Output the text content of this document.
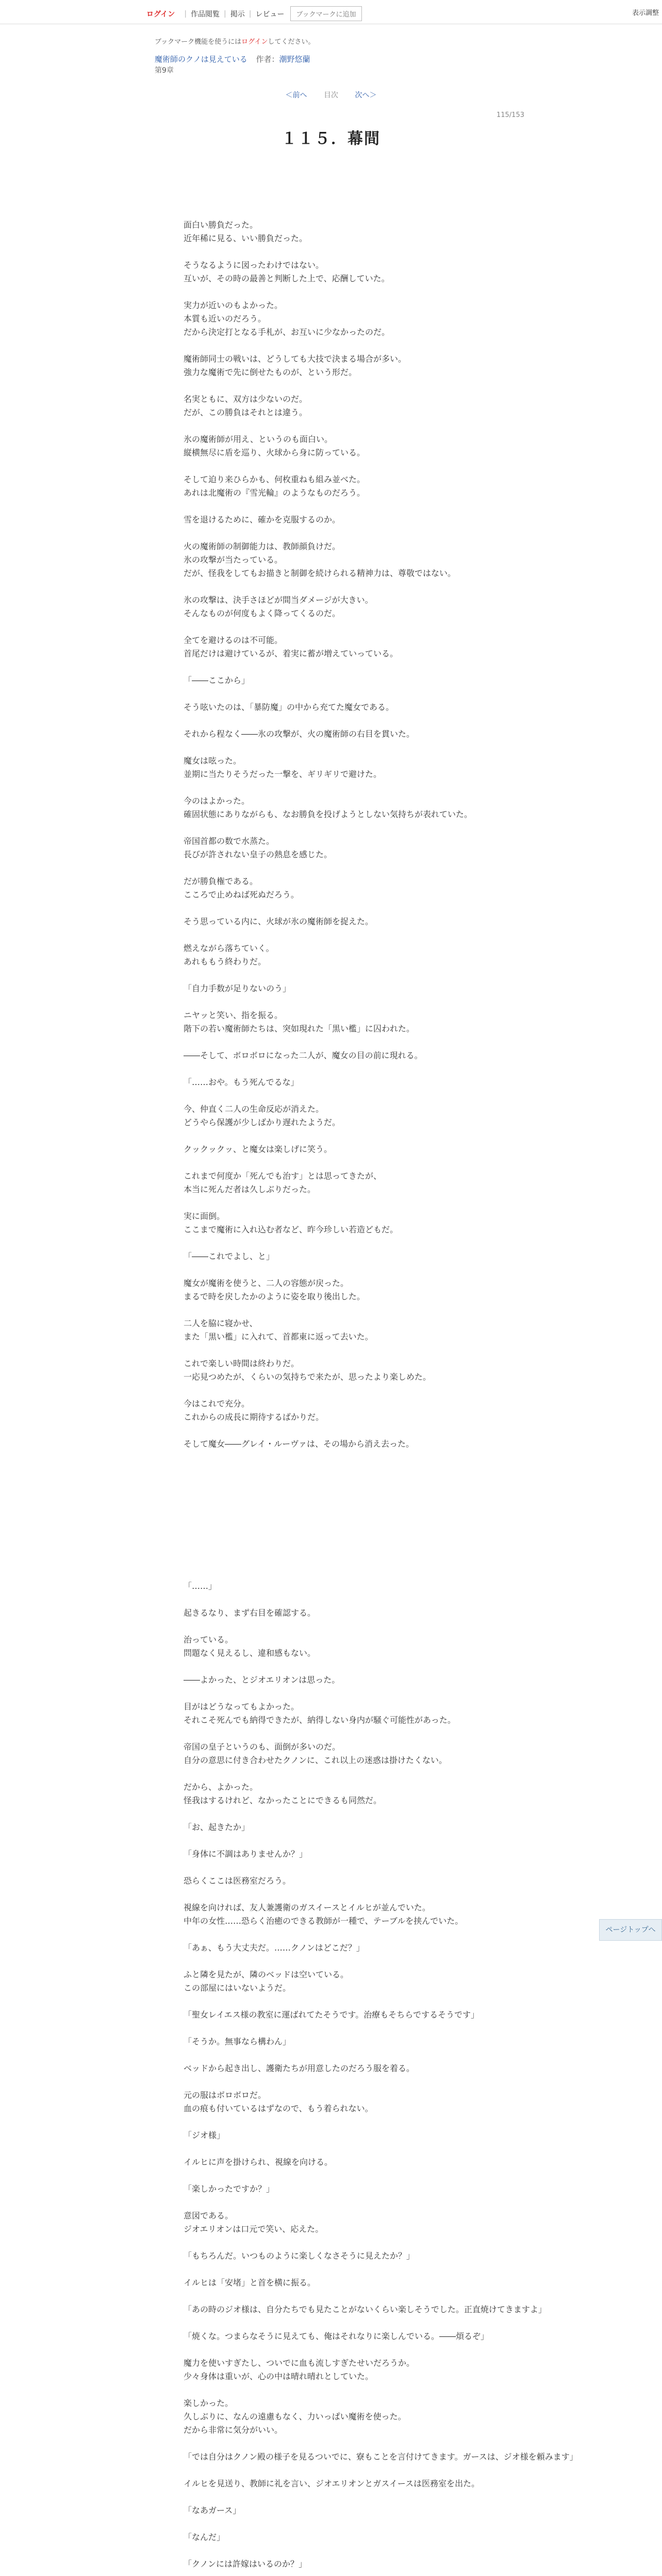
ログイン	| 作品閲覧 | 掲示 | レビュー	ブックマークに追加	表示調整
ブックマーク機能を使うにはログインしてください。
魔術師のクノは見えている 作者：潮野悠蘭
第9章
＜前へ 目次 次へ＞
115/153
１１５．幕間

面白い勝負だった。

近年稀に見る、いい勝負だった。

そうなるように図ったわけではない。

互いが、その時の最善と判断した上で、応酬していた。

実力が近いのもよかった。

本質も近いのだろう。

だから決定打となる手札が、お互いに少なかったのだ。

魔術師同士の戦いは、どうしても大技で決まる場合が多い。

強力な魔術で先に倒せたものが、という形だ。

名実ともに、双方は少ないのだ。

だが、この勝負はそれとは違う。

氷の魔術師が用え、というのも面白い。

縦横無尽に盾を巡り、火球から身に防っている。

そして迫り来ひらかも、何枚重ねも組み並べた。

あれは北魔術の『雪光輪』のようなものだろう。

雪を退けるために、確かを克服するのか。

火の魔術師の制御能力は、教師顔負けだ。

氷の攻撃が当たっている。

だが、怪我をしてもお描きと制御を続けられる精神力は、尊敬ではない。

氷の攻撃は、決手さほどが間当ダメージが大きい。

そんなものが何度もよく降ってくるのだ。

全てを避けるのは不可能。

首尾だけは避けているが、着実に蓄が増えていっている。

「――ここから」

そう呟いたのは、「暴防魔」の中から充てた魔女である。

それから程なく――氷の攻撃が、火の魔術師の右目を貫いた。

魔女は呟った。

並期に当たりそうだった一撃を、ギリギリで避けた。

今のはよかった。

確固状態にありながらも、なお勝負を投げようとしない気持ちが表れていた。

帝国首都の数で水蒸た。

長びが許されない皇子の熱息を感じた。

だが勝負権である。

こころで止めねば死ぬだろう。

そう思っている内に、火球が氷の魔術師を捉えた。

燃えながら落ちていく。

あれももう終わりだ。

「自力手数が足りないのう」

ニヤッと笑い、指を振る。

階下の若い魔術師たちは、突如現れた「黒い檻」に囚われた。

――そして、ボロボロになった二人が、魔女の目の前に現れる。

「……おや。もう死んでるな」

今、仲直く二人の生命反応が消えた。

どうやら保護が少しばかり遅れたようだ。

クックックッ、と魔女は楽しげに笑う。

これまで何度か「死んでも治す」とは思ってきたが、

本当に死んだ者は久しぶりだった。

実に面倒。

ここまで魔術に入れ込む者など、昨今珍しい若造どもだ。

「――これでよし、と」

魔女が魔術を使うと、二人の容態が戻った。

まるで時を戻したかのように姿を取り後出した。

二人を脇に寝かせ、

また「黒い檻」に入れて、首都東に返って去いた。

これで楽しい時間は終わりだ。

一応見つめたが、くらいの気持ちで来たが、思ったより楽しめた。

今はこれで充分。

これからの成長に期待するばかりだ。

そして魔女――グレイ・ルーヴァは、その場から消え去った。

「……」

起きるなり、まず右目を確認する。

治っている。

問題なく見えるし、違和感もない。

――よかった、とジオエリオンは思った。

目がはどうなってもよかった。

それこそ死んでも納得できたが、納得しない身内が騒ぐ可能性があった。

帝国の皇子というのも、面倒が多いのだ。

自分の意思に付き合わせたクノンに、これ以上の迷惑は掛けたくない。

だから、よかった。

怪我はするけれど、なかったことにできるも同然だ。

「お、起きたか」

「身体に不調はありませんか？」

恐らくここは医務室だろう。

視線を向ければ、友人兼護衛のガスイースとイルヒが並んでいた。

中年の女性……恐らく治癒のできる教師が一種で、テーブルを挟んでいた。

「あぁ、もう大丈夫だ。……クノンはどこだ？」

ふと隣を見たが、隣のベッドは空いている。

この部屋にはいないようだ。

「聖女レイエス様の教室に運ばれてたそうです。治療もそちらでするそうです」

「そうか。無事なら構わん」

ベッドから起き出し、護衛たちが用意したのだろう服を着る。

元の服はボロボロだ。

血の痕も付いているはずなので、もう着られない。

「ジオ様」

イルヒに声を掛けられ、視線を向ける。

「楽しかったですか？」

意図である。

ジオエリオンは口元で笑い、応えた。

「もちろんだ。いつものように楽しくなさそうに見えたか？」

イルヒは「安堵」と首を横に振る。

「あの時のジオ様は、自分たちでも見たことがないくらい楽しそうでした。正直焼けてきますよ」

「焼くな。つまらなそうに見えても、俺はそれなりに楽しんでいる。――煩るぞ」

魔力を使いすぎたし、ついでに血も流しすぎたせいだろうか。

少々身体は重いが、心の中は晴れ晴れとしていた。

楽しかった。

久しぶりに、なんの遠慮もなく、力いっぱい魔術を使った。

だから非常に気分がいい。

「では自分はクノン殿の様子を見るついでに、寮もことを言付けてきます。ガースは、ジオ様を頼みます」

イルヒを見送り、教師に礼を言い、ジオエリオンとガスイースは医務室を出た。

「なあガース」

「なんだ」

「クノンには許嫁はいるのか？」

ページトップへ
